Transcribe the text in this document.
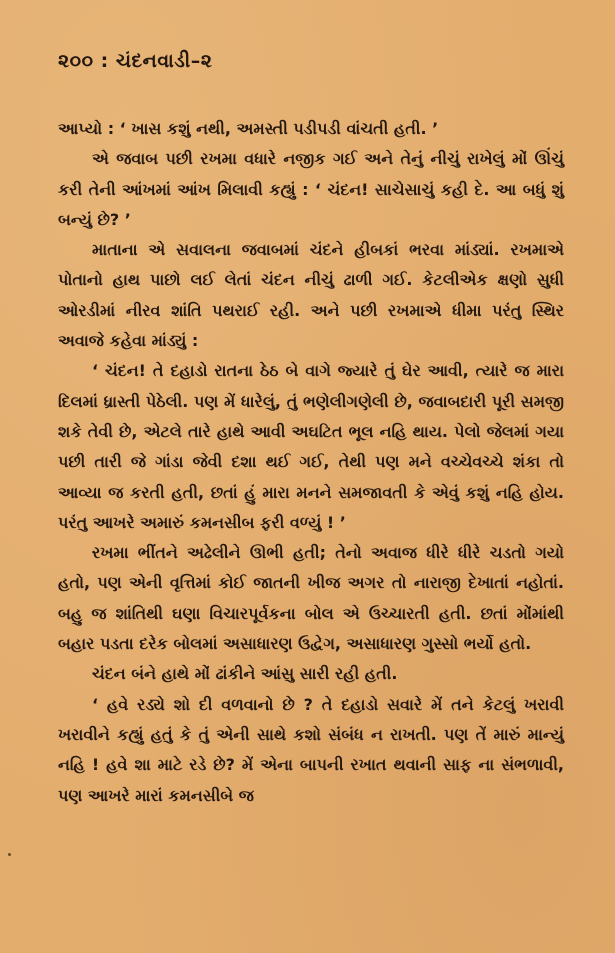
૨૦૦ : ચંદનવાડી–૨

આપ્યો : ‘ ખાસ કશું નથી, અમસ્તી પડીપડી વાંચતી હતી. ’

એ જવાબ પછી રખમા વધારે નજીક ગઈ અને તેનું નીચું રાખેલું મોં ઊંચું કરી તેની આંખમાં આંખ મિલાવી કહ્યું : ‘ ચંદન! સાચેસાચું કહી દે. આ બધું શું બન્યું છે? ’

માતાના એ સવાલના જવાબમાં ચંદને હીબકાં ભરવા માંડ્યાં. રખમાએ પોતાનો હાથ પાછો લઈ લેતાં ચંદન નીચું ઢાળી ગઈ. કેટલીએક ક્ષણો સુધી ઓરડીમાં નીરવ શાંતિ પથરાઈ રહી. અને પછી રખમાએ ધીમા પરંતુ સ્થિર અવાજે કહેવા માંડ્યું :

‘ ચંદન! તે દહાડો રાતના ઠેઠ બે વાગે જ્યારે તું ઘેર આવી, ત્યારે જ મારા દિલમાં ધ્રાસ્તી પેઠેલી. પણ મેં ધારેલું, તું ભણેલીગણેલી છે, જવાબદારી પૂરી સમજી શકે તેવી છે, એટલે તારે હાથે આવી અઘટિત ભૂલ નહિ થાય. પેલો જેલમાં ગયા પછી તારી જે ગાંડા જેવી દશા થઈ ગઈ, તેથી પણ મને વચ્ચેવચ્ચે શંકા તો આવ્યા જ કરતી હતી, છતાં હું મારા મનને સમજાવતી કે એવું કશું નહિ હોય. પરંતુ આખરે અમારું કમનસીબ ફરી વળ્યું ! ’

રખમા ભીંતને અઢેલીને ઊભી હતી; તેનો અવાજ ધીરે ધીરે ચડતો ગયો હતો, પણ એની વૃત્તિમાં કોઈ જાતની ખીજ અગર તો નારાજી દેખાતાં નહોતાં. બહુ જ શાંતિથી ઘણા વિચારપૂર્વકના બોલ એ ઉચ્ચારતી હતી. છતાં મોંમાંથી બહાર પડતા દરેક બોલમાં અસાધારણ ઉદ્વેગ, અસાધારણ ગુસ્સો ભર્યો હતો.

ચંદન બંને હાથે મોં ઢાંકીને આંસુ સારી રહી હતી.

‘ હવે રડ્યે શો દી વળવાનો છે ? તે દહાડો સવારે મેં તને કેટલું ખરાવી ખરાવીને કહ્યું હતું કે તું એની સાથે કશો સંબંધ ન રાખતી. પણ તેં મારું માન્યું નહિ ! હવે શા માટે રડે છે? મેં એના બાપની રખાત થવાની સાફ ના સંભળાવી, પણ આખરે મારાં કમનસીબે જ
